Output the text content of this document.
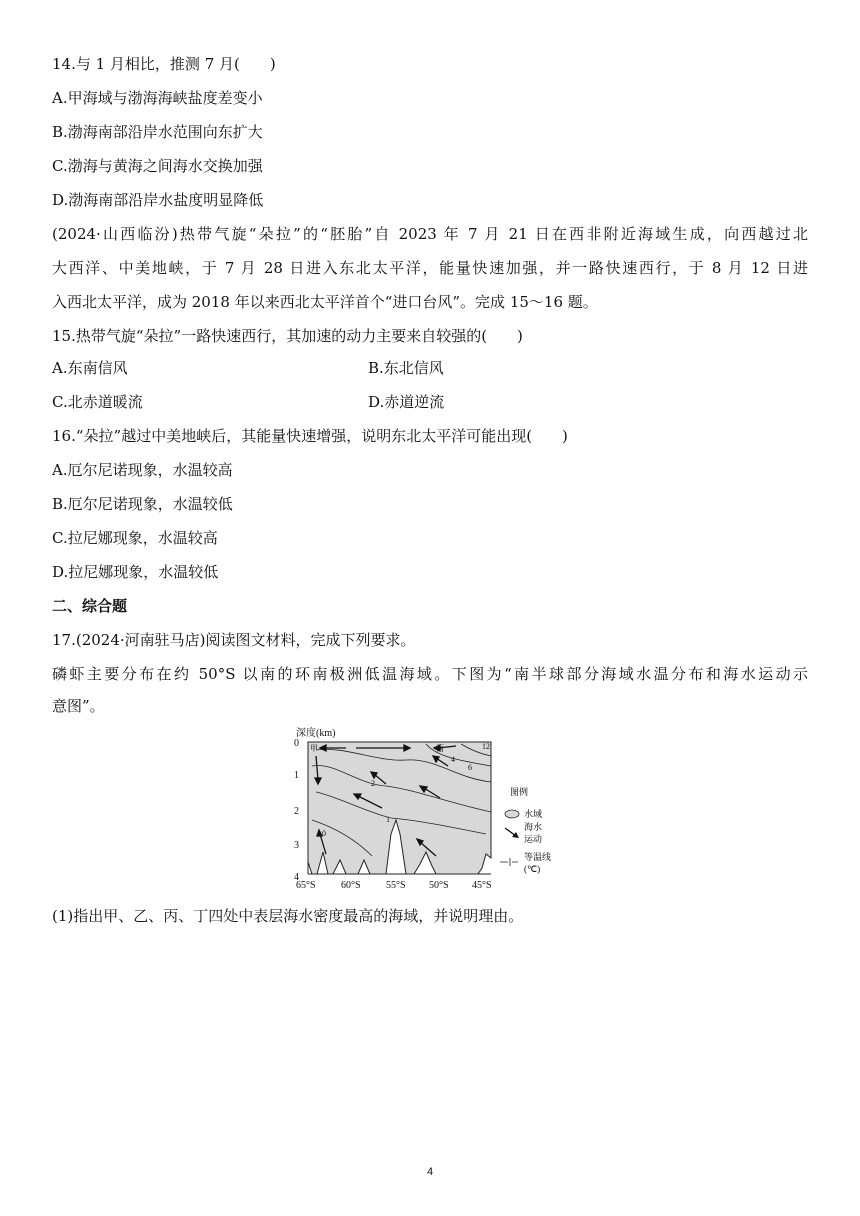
14.与 1 月相比，推测 7 月(　　)
A.甲海域与渤海海峡盐度差变小
B.渤海南部沿岸水范围向东扩大
C.渤海与黄海之间海水交换加强
D.渤海南部沿岸水盐度明显降低
(2024·山西临汾)热带气旋“朵拉”的“胚胎”自 2023 年 7 月 21 日在西非附近海域生成，向西越过北
大西洋、中美地峡，于 7 月 28 日进入东北太平洋，能量快速加强，并一路快速西行，于 8 月 12 日进
入西北太平洋，成为 2018 年以来西北太平洋首个“进口台风”。完成 15～16 题。
15.热带气旋“朵拉”一路快速西行，其加速的动力主要来自较强的(　　)
A.东南信风	B.东北信风
C.北赤道暖流	D.赤道逆流
16.“朵拉”越过中美地峡后，其能量快速增强，说明东北太平洋可能出现(　　)
A.厄尔尼诺现象，水温较高
B.厄尔尼诺现象，水温较低
C.拉尼娜现象，水温较高
D.拉尼娜现象，水温较低
二、综合题
17.(2024·河南驻马店)阅读图文材料，完成下列要求。
磷虾主要分布在约 50°S 以南的环南极洲低温海域。下图为“南半球部分海域水温分布和海水运动示
意图”。
深度(km)
0
1
2
3
4
65°S	60°S	55°S 50°S 45°S
甲	丙
2
1
0
4
6
12
图例
水域
海水
运动
等温线
(℃)
(1)指出甲、乙、丙、丁四处中表层海水密度最高的海域，并说明理由。
4
